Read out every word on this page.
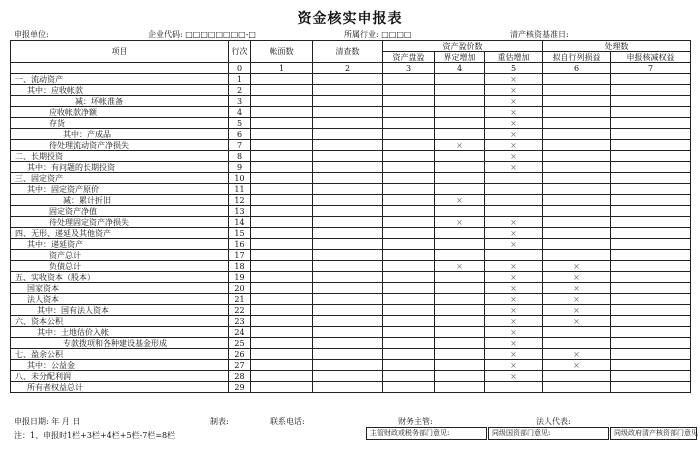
资金核实申报表
申报单位:	企业代码: □□□□□□□□-□	所属行业: □□□□	清产核资基准日:
项目	行次	帐面数	清查数	资产盈价数			处理数	
				资产盘盈	界定增加	重估增加	拟自行列损益	申报核减权益
	0	1	2	3	4	5	6	7
一、流动资产	1					×		
其中：应收帐款	2					×		
减：坏帐准备	3					×		
应收帐款净额	4					×		
存货	5					×		
其中：产成品	6					×		
待处理流动资产净损失	7				×	×		
二、长期投资	8					×		
其中：有问题的长期投资	9					×		
三、固定资产	10							
其中：固定资产原价	11							
减：累计折旧	12				×			
固定资产净值	13							
待处理固定资产净损失	14				×	×		
四、无形、递延及其他资产	15					×		
其中：递延资产	16					×		
资产总计	17							
负债总计	18				×	×	×	
五、实收资本（股本）	19					×	×	
国家资本	20					×	×	
法人资本	21					×	×	
其中：国有法人资本	22					×	×	
六、资本公积	23					×	×	
其中：土地估价入帐	24					×		
专款拨项和各种建设基金形成	25					×		
七、盈余公积	26					×	×	
其中：公益金	27					×	×	
八、未分配利润	28					×		
所有者权益总计	29							
申报日期: 年 月 日	制表:	联系电话:	财务主管:	法人代表:
注：1、申报时1栏+3栏+4栏+5栏-7栏=8栏	主管财政或税务部门意见:	同级国资部门意见:	同级政府清产核资部门意见
